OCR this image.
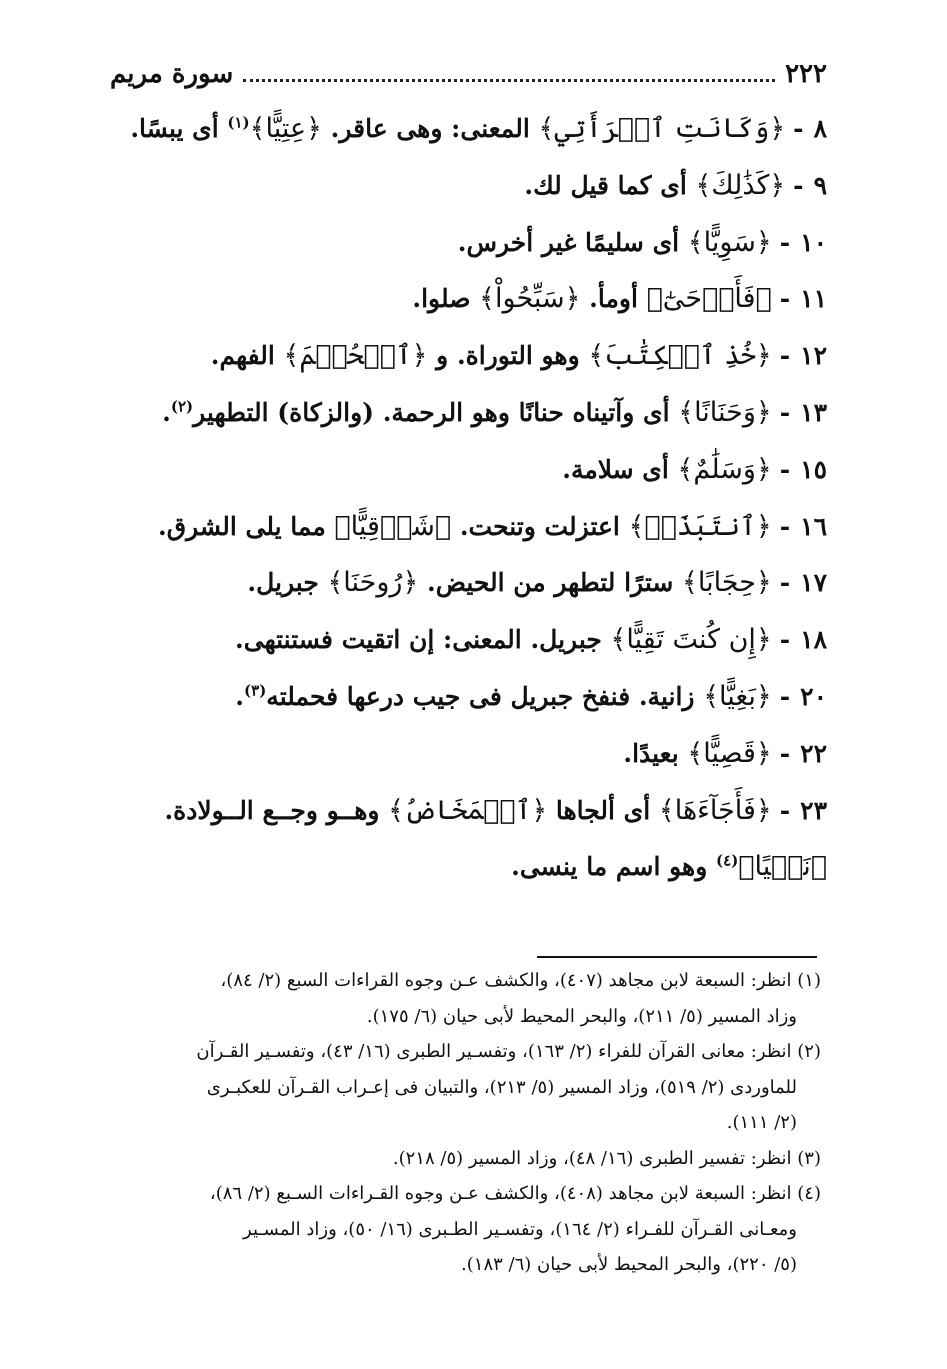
٢٢٢
سورة مريم
٨-﴿وَكَانَتِ ٱمۡرَأَتِي﴾ المعنى: وهى عاقر. ﴿عِتِيًّا﴾$^{(١)}$ أى يبسًا.
٩-﴿كَذَٰلِكَ﴾ أى كما قيل لك.
١٠-﴿سَوِيًّا﴾ أى سليمًا غير أخرس.
١١-﴿فَأَوۡحَىٰٓ﴾ أومأ. ﴿سَبِّحُواْ﴾ صلوا.
١٢-﴿خُذِ ٱلۡكِتَٰبَ﴾ وهو التوراة. و ﴿ٱلۡحُكۡمَ﴾ الفهم.
١٣-﴿وَحَنَانًا﴾ أى وآتيناه حنانًا وهو الرحمة. (والزكاة) التطهير$^{(٢)}$.
١٥-﴿وَسَلَٰمٌ﴾ أى سلامة.
١٦-﴿ٱنتَبَذَتۡ﴾ اعتزلت وتنحت. ﴿شَرۡقِيًّا﴾ مما يلى الشرق.
١٧-﴿حِجَابًا﴾ سترًا لتطهر من الحيض. ﴿رُوحَنَا﴾ جبريل.
١٨-﴿إِن كُنتَ تَقِيًّا﴾ جبريل. المعنى: إن اتقيت فستنتهى.
٢٠-﴿بَغِيًّا﴾ زانية. فنفخ جبريل فى جيب درعها فحملته$^{(٣)}$.
٢٢-﴿قَصِيًّا﴾ بعيدًا.
٢٣-﴿فَأَجَآءَهَا﴾ أى ألجاها ﴿ٱلۡمَخَاضُ﴾ وهــو وجــع الــولادة.
﴿نَسۡيًا﴾$^{(٤)}$ وهو اسم ما ينسى.
(١) انظر: السبعة لابن مجاهد (٤٠٧)، والكشف عـن وجوه القراءات السبع (٢/ ٨٤)،
وزاد المسير (٥/ ٢١١)، والبحر المحيط لأبى حيان (٦/ ١٧٥).
(٢) انظر: معانى القرآن للفراء (٢/ ١٦٣)، وتفسـير الطبرى (١٦/ ٤٣)، وتفسـير القـرآن
للماوردى (٢/ ٥١٩)، وزاد المسير (٥/ ٢١٣)، والتبيان فى إعـراب القـرآن للعكبـرى
(٢/ ١١١).
(٣) انظر: تفسير الطبرى (١٦/ ٤٨)، وزاد المسير (٥/ ٢١٨).
(٤) انظر: السبعة لابن مجاهد (٤٠٨)، والكشف عـن وجوه القـراءات السـبع (٢/ ٨٦)،
ومعـانى القـرآن للفـراء (٢/ ١٦٤)، وتفسـير الطـبرى (١٦/ ٥٠)، وزاد المسـير
(٥/ ٢٢٠)، والبحر المحيط لأبى حيان (٦/ ١٨٣).
